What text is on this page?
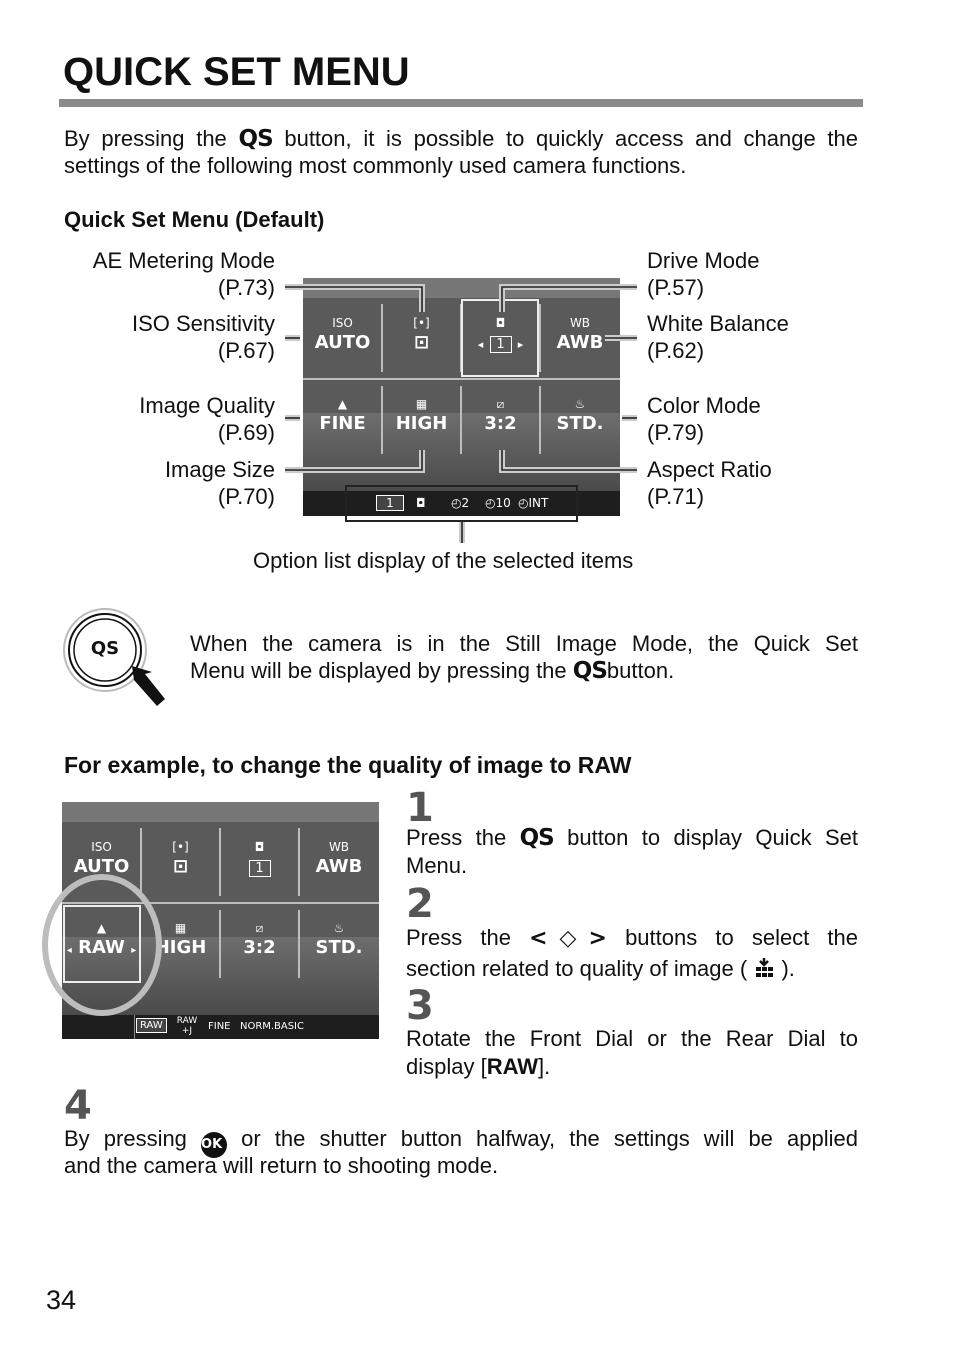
QUICK SET MENU
By pressing the QS button, it is possible to quickly access and change the
settings of the following most commonly used camera functions.
Quick Set Menu (Default)
AE Metering Mode
(P.73)
ISO Sensitivity
(P.67)
Image Quality
(P.69)
Image Size
(P.70)
Drive Mode
(P.57)
White Balance
(P.62)
Color Mode
(P.79)
Aspect Ratio
(P.71)
ISO
AUTO
[•]
⊡
◘
◂ 1 ▸
WB
AWB
▲
FINE
▦
HIGH
⧄
3:2
♨
STD.
1	◘ ◴2 ◴10 ◴INT
Option list display of the selected items
QS	When the camera is in the Still Image Mode, the Quick Set
Menu will be displayed by pressing the QSbutton.
For example, to change the quality of image to RAW
ISO
AUTO
[•]
⊡
◘
1
WB
AWB
▲
◂ RAW ▸
▦
HIGH
⧄
3:2
♨
STD.
RAW	RAW +J	FINE NORM. BASIC
1
Press the QS button to display Quick Set
Menu.
2
Press the <◇> buttons to select the
section related to quality of image ( ).
3
Rotate the Front Dial or the Rear Dial to
display [RAW].
4
By pressing OK or the shutter button halfway, the settings will be applied
and the camera will return to shooting mode.
34
